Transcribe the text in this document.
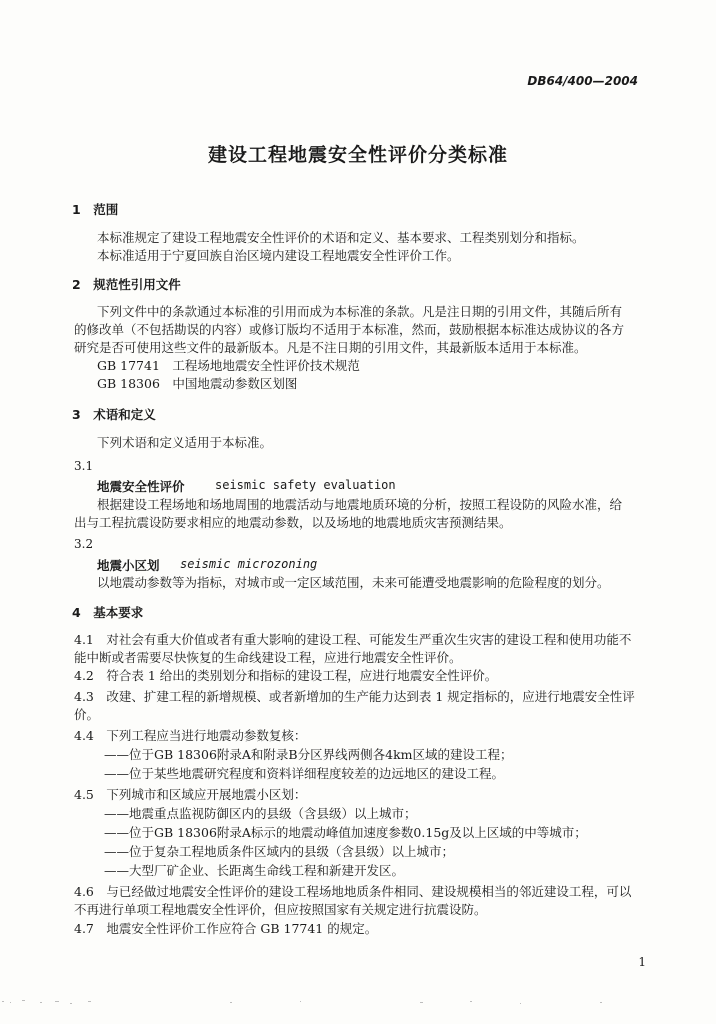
DB64/400—2004
建设工程地震安全性评价分类标准
1　范围
本标准规定了建设工程地震安全性评价的术语和定义、基本要求、工程类别划分和指标。
本标准适用于宁夏回族自治区境内建设工程地震安全性评价工作。
2　规范性引用文件
下列文件中的条款通过本标准的引用而成为本标准的条款。凡是注日期的引用文件，其随后所有
的修改单（不包括勘误的内容）或修订版均不适用于本标准，然而，鼓励根据本标准达成协议的各方
研究是否可使用这些文件的最新版本。凡是不注日期的引用文件，其最新版本适用于本标准。
GB 17741　工程场地地震安全性评价技术规范
GB 18306　中国地震动参数区划图
3　术语和定义
下列术语和定义适用于本标准。
3.1
地震安全性评价	seismic safety evaluation
根据建设工程场地和场地周围的地震活动与地震地质环境的分析，按照工程设防的风险水准，给
出与工程抗震设防要求相应的地震动参数，以及场地的地震地质灾害预测结果。
3.2
地震小区划 seismic microzoning
以地震动参数等为指标，对城市或一定区域范围，未来可能遭受地震影响的危险程度的划分。
4　基本要求
4.1　对社会有重大价值或者有重大影响的建设工程、可能发生严重次生灾害的建设工程和使用功能不
能中断或者需要尽快恢复的生命线建设工程，应进行地震安全性评价。
4.2　符合表 1 给出的类别划分和指标的建设工程，应进行地震安全性评价。
4.3　改建、扩建工程的新增规模、或者新增加的生产能力达到表 1 规定指标的，应进行地震安全性评
价。
4.4　下列工程应当进行地震动参数复核：
——位于GB 18306附录A和附录B分区界线两侧各4km区域的建设工程；
——位于某些地震研究程度和资料详细程度较差的边远地区的建设工程。
4.5　下列城市和区域应开展地震小区划：
——地震重点监视防御区内的县级（含县级）以上城市；
——位于GB 18306附录A标示的地震动峰值加速度参数0.15g及以上区域的中等城市；
——位于复杂工程地质条件区域内的县级（含县级）以上城市；
——大型厂矿企业、长距离生命线工程和新建开发区。
4.6　与已经做过地震安全性评价的建设工程场地地质条件相同、建设规模相当的邻近建设工程，可以
不再进行单项工程地震安全性评价，但应按照国家有关规定进行抗震设防。
4.7　地震安全性评价工作应符合 GB 17741 的规定。
1
